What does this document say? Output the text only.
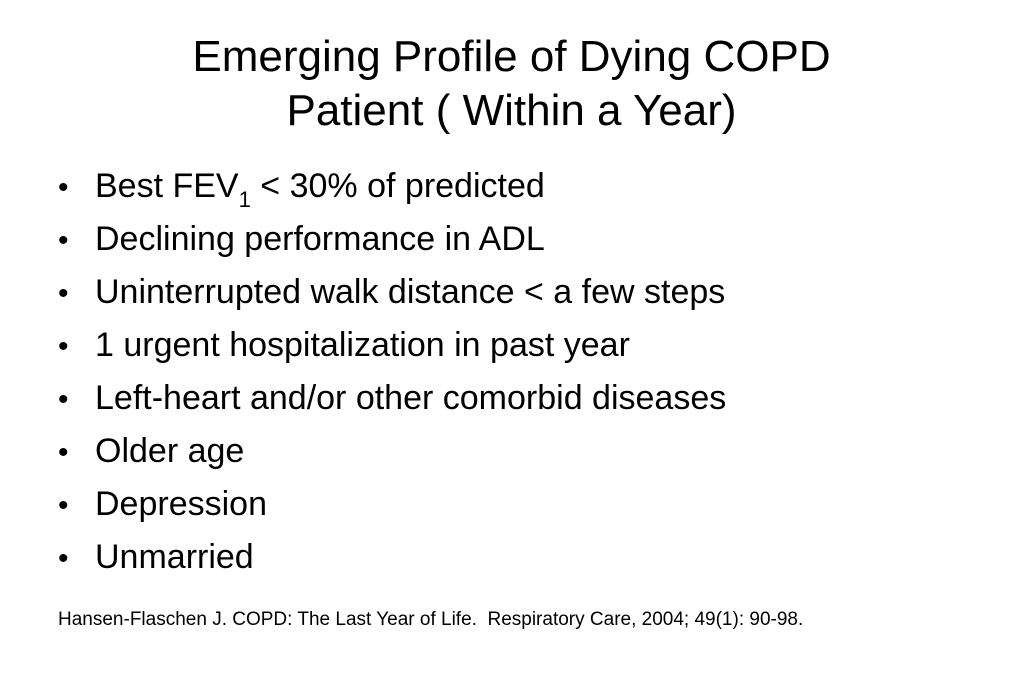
Emerging Profile of Dying COPD
Patient ( Within a Year)
• Best $FEV_1 < 30\%$ of predicted
• Declining performance in ADL
• Uninterrupted walk distance < a few steps
• 1 urgent hospitalization in past year
• Left-heart and/or other comorbid diseases
• Older age
• Depression
• Unmarried
Hansen-Flaschen J. COPD: The Last Year of Life.  Respiratory Care, 2004; 49(1): 90-98.
